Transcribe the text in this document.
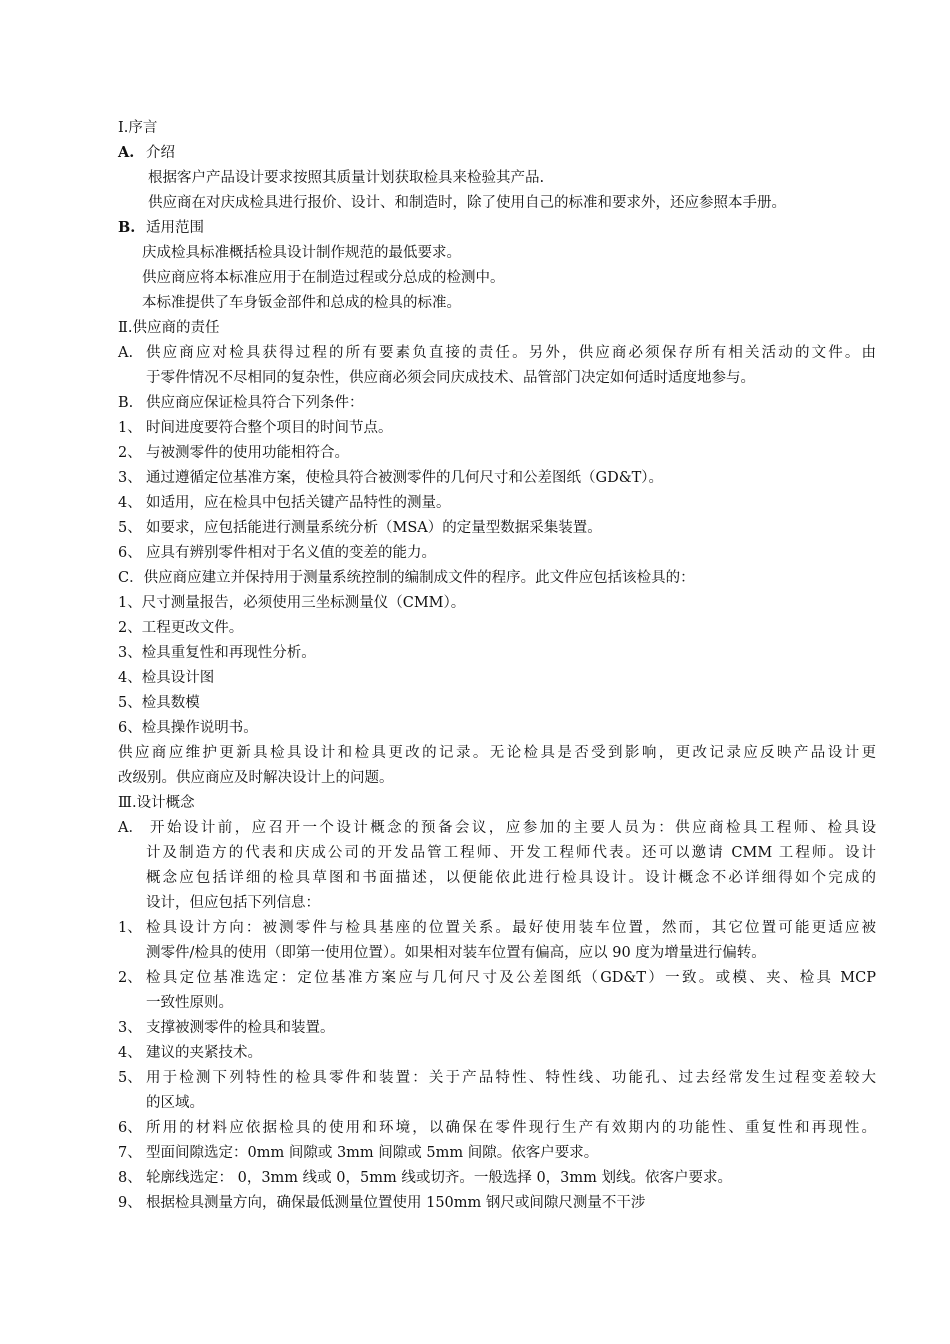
Ⅰ.序言
A. 介绍
根据客户产品设计要求按照其质量计划获取检具来检验其产品.
供应商在对庆成检具进行报价、设计、和制造时，除了使用自己的标准和要求外，还应参照本手册。
B. 适用范围
庆成检具标准概括检具设计制作规范的最低要求。
供应商应将本标准应用于在制造过程或分总成的检测中。
本标准提供了车身钣金部件和总成的检具的标准。
Ⅱ.供应商的责任
A. 供应商应对检具获得过程的所有要素负直接的责任。另外，供应商必须保存所有相关活动的文件。由
于零件情况不尽相同的复杂性，供应商必须会同庆成技术、品管部门决定如何适时适度地参与。
B. 供应商应保证检具符合下列条件：
1、 时间进度要符合整个项目的时间节点。
2、 与被测零件的使用功能相符合。
3、 通过遵循定位基准方案，使检具符合被测零件的几何尺寸和公差图纸（GD&T）。
4、 如适用，应在检具中包括关键产品特性的测量。
5、 如要求，应包括能进行测量系统分析（MSA）的定量型数据采集装置。
6、 应具有辨别零件相对于名义值的变差的能力。
C．供应商应建立并保持用于测量系统控制的编制成文件的程序。此文件应包括该检具的：
1、尺寸测量报告，必须使用三坐标测量仪（CMM）。
2、工程更改文件。
3、检具重复性和再现性分析。
4、检具设计图
5、检具数模
6、检具操作说明书。
供应商应维护更新具检具设计和检具更改的记录。无论检具是否受到影响，更改记录应反映产品设计更
改级别。供应商应及时解决设计上的问题。
Ⅲ.设计概念
A． 开始设计前，应召开一个设计概念的预备会议，应参加的主要人员为：供应商检具工程师、检具设
计及制造方的代表和庆成公司的开发品管工程师、开发工程师代表。还可以邀请 CMM 工程师。设计
概念应包括详细的检具草图和书面描述，以便能依此进行检具设计。设计概念不必详细得如个完成的
设计，但应包括下列信息：
1、 检具设计方向：被测零件与检具基座的位置关系。最好使用装车位置，然而，其它位置可能更适应被
测零件/检具的使用（即第一使用位置）。如果相对装车位置有偏高，应以 90 度为增量进行偏转。
2、 检具定位基准选定：定位基准方案应与几何尺寸及公差图纸（GD&T）一致。或模、夹、检具 MCP
一致性原则。
3、 支撑被测零件的检具和装置。
4、 建议的夹紧技术。
5、 用于检测下列特性的检具零件和装置：关于产品特性、特性线、功能孔、过去经常发生过程变差较大
的区域。
6、 所用的材料应依据检具的使用和环境，以确保在零件现行生产有效期内的功能性、重复性和再现性。
7、 型面间隙选定：0mm 间隙或 3mm 间隙或 5mm 间隙。依客户要求。
8、 轮廓线选定： 0，3mm 线或 0，5mm 线或切齐。一般选择 0，3mm 划线。依客户要求。
9、 根据检具测量方向，确保最低测量位置使用 150mm 钢尺或间隙尺测量不干涉
